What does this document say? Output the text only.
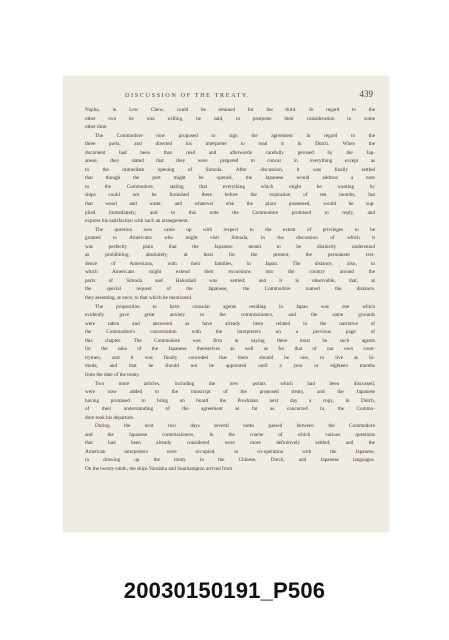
DISCUSSION OF THE TREATY.	439
Napha, in Lew Chew, could be retained for the third. In regard to the
other two he was willing, he said, to postpone their consideration to some
other time.
The Commodore now proposed to sign the agreement in regard to the
three ports, and directed his interpreter to read it in Dutch. When the
document had been thus read and afterwards carefully perused by the Jap-
anese, they stated that they were prepared to concur in everything except as
to the immediate opening of Simoda. After discussion, it was finally settled
that though the port might be opened, the Japanese would address a note
to the Commodore, stating that everything which might be wanting by
ships could not be furnished there before the expiration of ten months, but
that wood and water, and whatever else the place possessed, would be sup-
plied immediately; and to this note the Commodore promised to reply, and
express his satisfaction with such an arrangement.
The question now came up with respect to the extent of privileges to be
granted to Americans who might visit Simoda, in the discussion of which it
was perfectly plain that the Japanese meant to be distinctly understood
as prohibiting, absolutely, at least for the present, the permanent resi-
dence of Americans, with their families, in Japan. The distance, also, to
which Americans might extend their excursions into the country around the
ports of Simoda and Hakodadi was settled; and it is observable, that, at
the special request of the Japanese, the Commodore named the distance,
they assenting, at once, to that which he mentioned.
The proposition to have consular agents residing in Japan was one which
evidently gave great anxiety to the commissioners, and the same grounds
were taken and answered as have already been related in the narrative of
the Commodore's conversation with the interpreters on a previous page of
this chapter. The Commodore was firm in saying there must be such agents
for the sake of the Japanese themselves as well as for that of our own coun-
trymen, and it was finally conceded that there should be one, to live at Si-
moda, and that he should not be appointed until a year or eighteen months
from the date of the treaty.
Two more articles, including the new points which had been discussed,
were now added to the transcript of the proposed treaty, and the Japanese
having promised to bring on board the Powhatan next day a copy, in Dutch,
of their understanding of the agreement as far as concurred in, the Commo-
dore took his departure.
During the next two days several notes passed between the Commodore
and the Japanese commissioners, in the course of which various questions
that had been already considered were more definitively settled; and the
American interpreters were occupied, in co-operation with the Japanese,
in drawing up the treaty in the Chinese, Dutch, and Japanese languages.
On the twenty-ninth, the ships Vandalia and Southampton arrived from
20030150191_P506
